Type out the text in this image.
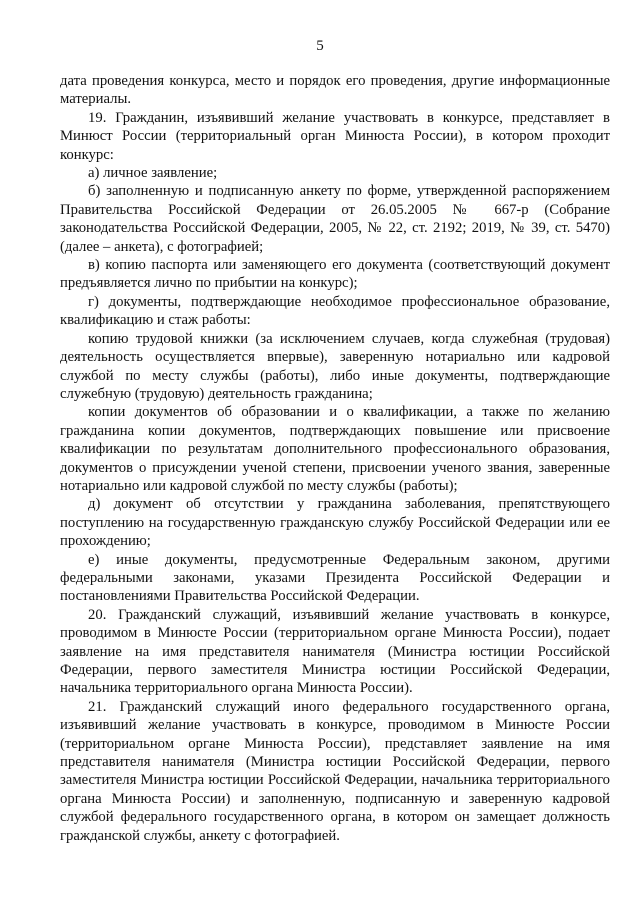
5

дата проведения конкурса, место и порядок его проведения, другие информационные материалы.

19. Гражданин, изъявивший желание участвовать в конкурсе, представляет в Минюст России (территориальный орган Минюста России), в котором проходит конкурс:

а) личное заявление;

б) заполненную и подписанную анкету по форме, утвержденной распоряжением Правительства Российской Федерации от 26.05.2005 № 667-р (Собрание законодательства Российской Федерации, 2005, № 22, ст. 2192; 2019, № 39, ст. 5470) (далее – анкета), с фотографией;

в) копию паспорта или заменяющего его документа (соответствующий документ предъявляется лично по прибытии на конкурс);

г) документы, подтверждающие необходимое профессиональное образование, квалификацию и стаж работы:

копию трудовой книжки (за исключением случаев, когда служебная (трудовая) деятельность осуществляется впервые), заверенную нотариально или кадровой службой по месту службы (работы), либо иные документы, подтверждающие служебную (трудовую) деятельность гражданина;

копии документов об образовании и о квалификации, а также по желанию гражданина копии документов, подтверждающих повышение или присвоение квалификации по результатам дополнительного профессионального образования, документов о присуждении ученой степени, присвоении ученого звания, заверенные нотариально или кадровой службой по месту службы (работы);

д) документ об отсутствии у гражданина заболевания, препятствующего поступлению на государственную гражданскую службу Российской Федерации или ее прохождению;

е) иные документы, предусмотренные Федеральным законом, другими федеральными законами, указами Президента Российской Федерации и постановлениями Правительства Российской Федерации.

20. Гражданский служащий, изъявивший желание участвовать в конкурсе, проводимом в Минюсте России (территориальном органе Минюста России), подает заявление на имя представителя нанимателя (Министра юстиции Российской Федерации, первого заместителя Министра юстиции Российской Федерации, начальника территориального органа Минюста России).

21. Гражданский служащий иного федерального государственного органа, изъявивший желание участвовать в конкурсе, проводимом в Минюсте России (территориальном органе Минюста России), представляет заявление на имя представителя нанимателя (Министра юстиции Российской Федерации, первого заместителя Министра юстиции Российской Федерации, начальника территориального органа Минюста России) и заполненную, подписанную и заверенную кадровой службой федерального государственного органа, в котором он замещает должность гражданской службы, анкету с фотографией.
